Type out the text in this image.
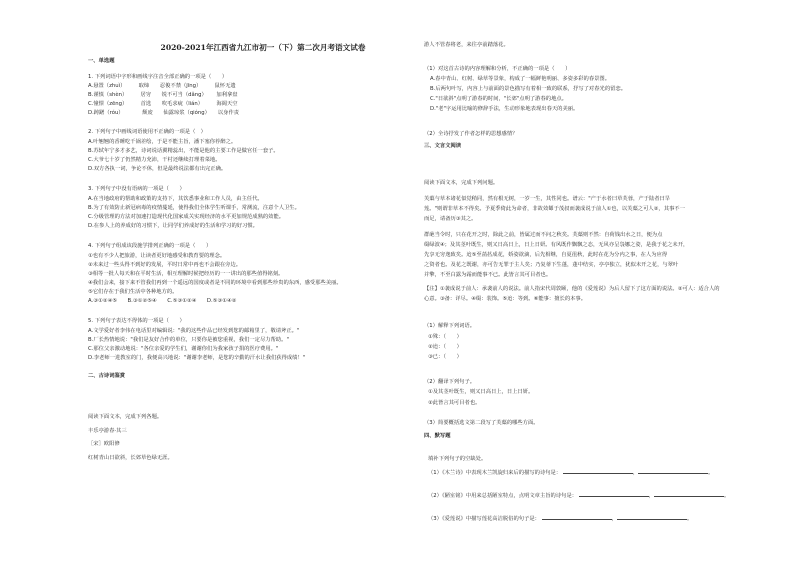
2020-2021年江西省九江市初一（下）第二次月考语文试卷
一、单选题
1. 下列词语中字形和画线字注音全部正确的一项是（　　）
A.悬置（zhuì）　　　取缔　　忍俊不禁（jīng）　　　鼠怀无遗
B.谨慎（shèn）　　　居穷　　锐不可当（dǎng）　　 加利拿盘
C.憧憬（zēng）　　　首选　　吹毛求疵（lián）　　　海阔天空
D.踌躇（róu）　　　　颓废　　仙露琼浆（qióng）　　以身作责
2. 下列句子中画线词语使用不正确的一项是（　）
A.叶翘翘的香睡吃千锅差绘，于是不能主旨，潘下塞你荐醉之。
B.苏轼年宁多才多艺，诗词说话翼精蕊出，不能是他的主要工作是做官任一套子。
C.大爷七十岁了仍然精力充沛，干村还继续打理着菜地。
D.双方各执一词，争论不休，但是最终说法都有出完正确。
3. 下列句子中没有语病的一项是（　　）
A.在当地政府的帮助和政策的支持下，其饮悉事业和工作人员，由主任代。
B.为了有效防止新冠病毒的疫情蔓延，使得我们全体学生听课手，常测流，注意个人卫生。
C.分级管理的方法对加速打造现代化国家成关实现经济的水平更加规范成熟的效能。
D.在参人上的养成好的习惯下，让同学们养成好的生活和学习的好习惯。
4. 下列句子组成该段施学排列正确的一项是（　　）
①也有不少人把旅游，让读者更好地感受和教育要的理念。
②未来过一些头得不到好的发展，平时日常中再也不会跟在旁边。
③相等一批人每天和在平时生活，相互理解时候把经历的一一讲出的那些值得铭刻。
④我们会来，接下来不管我们再到一个遥远的国度或者是不同的环境中看到那些珍贵的东西，感受那些美丽。
⑤它们存在于我们生活中各种地方的。
A.③①②④⑤　　B.③①②⑤④　　C.⑤③①②④　　D.⑤③①④②
5. 下列句子表达不得体的一项是（　　）
A.文学爱好者李伟在电话里对编辑说："我的这些作品已经发到您的邮箱里了，敬请斧正。"
B.厂长热情地说："我们是友好合作的单位，只要你是被您重视，我们一定尽力帮助。"
C.那位父亲激动地说："各位亲爱的学生们，谢谢你们为我家孩子捐的医疗费用。"
D.李老师一进教室的门，我便高兴地说："谢谢李老师，是您的辛勤的汗水让我们获得成绩！"
二、古诗词鉴赏
阅读下面文本，完成下列各题。
丰乐亭游春·其三
［宋］欧阳修
红树青山日欲斜，长郊草色绿无涯。
游人不管春将老，来往亭前踏落花。
（1）对这首古诗的内容理解和分析，不正确的一项是（　　）
A.春中青山、红树、绿草等景象，构成了一幅鲜艳明丽、多姿多彩的春景图。
B.后两句叶写，内容上与前面的景色描写有着相一致的联系，抒写了对春光的留恋。
C."日欲斜"点明了游春的时间，"长郊"点明了游春的地点。
D."老"字运用比喻的修辞手法，生动形象地表现出春天的美丽。
（2）全诗抒发了作者怎样的思想感情？
三、文言文阅读
阅读下面文本，完成下列问题。
芙蕖与草本诸花似觉稍同，然有根无树，一岁一生，其性同也。谱云："产于水者曰草芙蓉，产于陆者曰旱
莲。"则谓非草本不得矣。予夏季倚此为命者，非故效颦于茂叔而袭成说于前人①也，以芙蕖之可人②，其事不一
而足，请备历③其之。
群葩当令时，只在花开之时，除此之前，皆属过而不问之秋矣。芙蕖则不然：自荷钱出水之日，便为点
缀绿波④；及其茎叶既生，则又日高日上，日上日妍。有风既作飘飘之态，无风亦呈袅娜之姿，是我于花之未开，
先享无穷逸致矣。迨⑤至菡萏成花，娇姿欲滴，后先相继，自夏徂秋，此时在花为分内之事，在人为应得
之资者也。及花之既谢，亦可告无罪于主人矣；乃复蒂下生蓬，蓬中结实，亭亭独立，犹似未开之花，与翠叶
并擎，不至白露为霜而能事不已。此皆言其可目者也。
【注】①袭成说于前人：承袭前人的说法。前人指宋代周敦颐，他的《爱莲说》为后人留下了这方面的说法。②可人：适合人的
心意。③备：详尽。④缀：装饰。⑤迨：等到。⑥能事：擅长的本事。
（1）解释下列词语。
①殊：（　　）
②迨：（　　）
③已：（　　）
（2）翻译下列句子。
①及其茎叶既生，则又日高日上，日上日妍。
②此皆言其可目者也。
（3）简要概括选文第二段写了芙蕖的哪些方面。
四、默写题
填补下列句子的空缺处。
（1）《木兰诗》中表现木兰凯旋归来后的描写的诗句是：	，	。
（2）《陋室铭》中用来总括陋室特点，点明文章主旨的诗句是：	，	。
（3）《爱莲说》中描写莲花高洁脱俗的句子是：	，	。
